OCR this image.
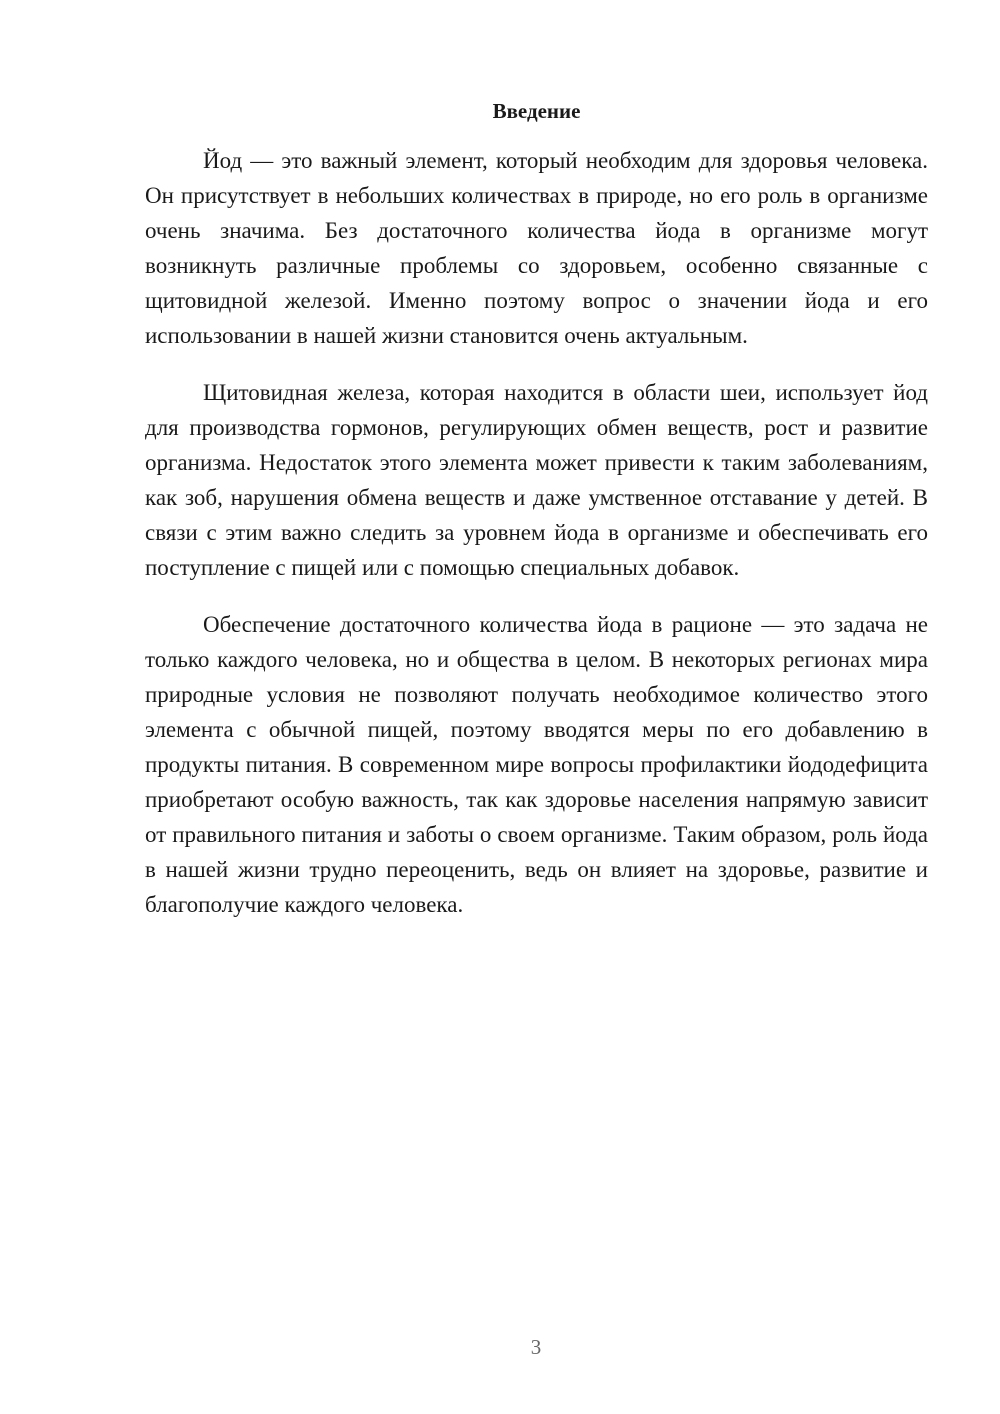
Введение

Йод — это важный элемент, который необходим для здоровья человека. Он присутствует в небольших количествах в природе, но его роль в организме очень значима. Без достаточного количества йода в организме могут возникнуть различные проблемы со здоровьем, особенно связанные с щитовидной железой. Именно поэтому вопрос о значении йода и его использовании в нашей жизни становится очень актуальным.

Щитовидная железа, которая находится в области шеи, использует йод для производства гормонов, регулирующих обмен веществ, рост и развитие организма. Недостаток этого элемента может привести к таким заболеваниям, как зоб, нарушения обмена веществ и даже умственное отставание у детей. В связи с этим важно следить за уровнем йода в организме и обеспечивать его поступление с пищей или с помощью специальных добавок.

Обеспечение достаточного количества йода в рационе — это задача не только каждого человека, но и общества в целом. В некоторых регионах мира природные условия не позволяют получать необходимое количество этого элемента с обычной пищей, поэтому вводятся меры по его добавлению в продукты питания. В современном мире вопросы профилактики йододефицита приобретают особую важность, так как здоровье населения напрямую зависит от правильного питания и заботы о своем организме. Таким образом, роль йода в нашей жизни трудно переоценить, ведь он влияет на здоровье, развитие и благополучие каждого человека.

3
